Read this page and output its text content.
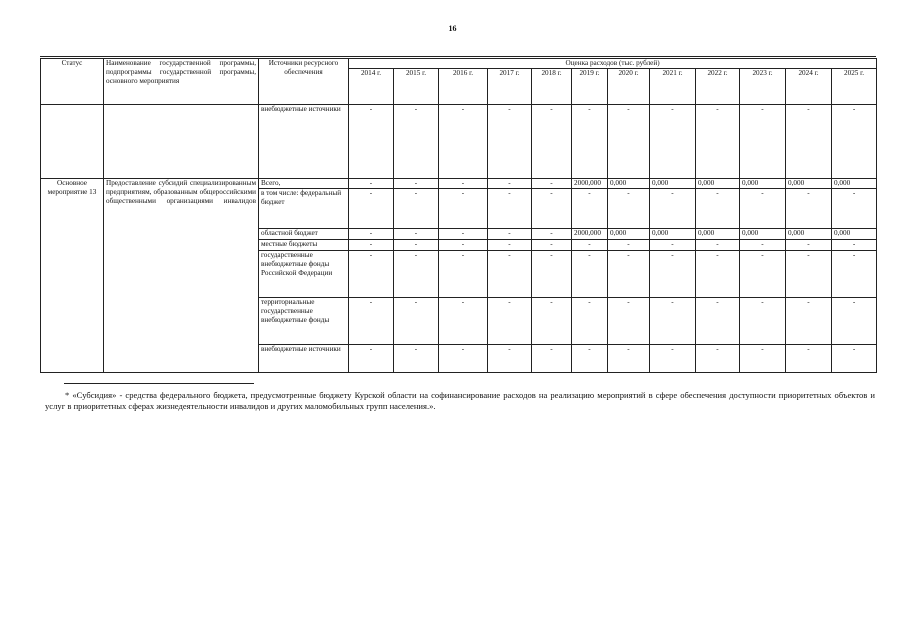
16
Статус	Наименование государственной программы, подпрограммы государственной программы, основного мероприятия	Источники ресурсного обеспечения	Оценка расходов (тыс. рублей)											
			2014 г.	2015 г.	2016 г.	2017 г.	2018 г.	2019 г.	2020 г.	2021 г.	2022 г.	2023 г.	2024 г.	2025 г.
		внебюджетные источники	-	-	-	-	-	-	-	-	-	-	-	-
Основное мероприятие 13	Предоставление субсидий специализированным предприятиям, образованным общероссийскими общественными организациями инвалидов	Всего,	-	-	-	-	-	2000,000	0,000	0,000	0,000	0,000	0,000	0,000
		в том числе: федеральный бюджет	-	-	-	-	-	-	-	-	-	-	-	-
		областной бюджет	-	-	-	-	-	2000,000	0,000	0,000	0,000	0,000	0,000	0,000
		местные бюджеты	-	-	-	-	-	-	-	-	-	-	-	-
		государственные внебюджетные фонды Российской Федерации	-	-	-	-	-	-	-	-	-	-	-	-
		территориальные государственные внебюджетные фонды	-	-	-	-	-	-	-	-	-	-	-	-
		внебюджетные источники	-	-	-	-	-	-	-	-	-	-	-	-
* «Субсидия» - средства федерального бюджета, предусмотренные бюджету Курской области на софинансирование расходов на реализацию мероприятий в сфере обеспечения доступности приоритетных объектов и услуг в приоритетных сферах жизнедеятельности инвалидов и других маломобильных групп населения.».
